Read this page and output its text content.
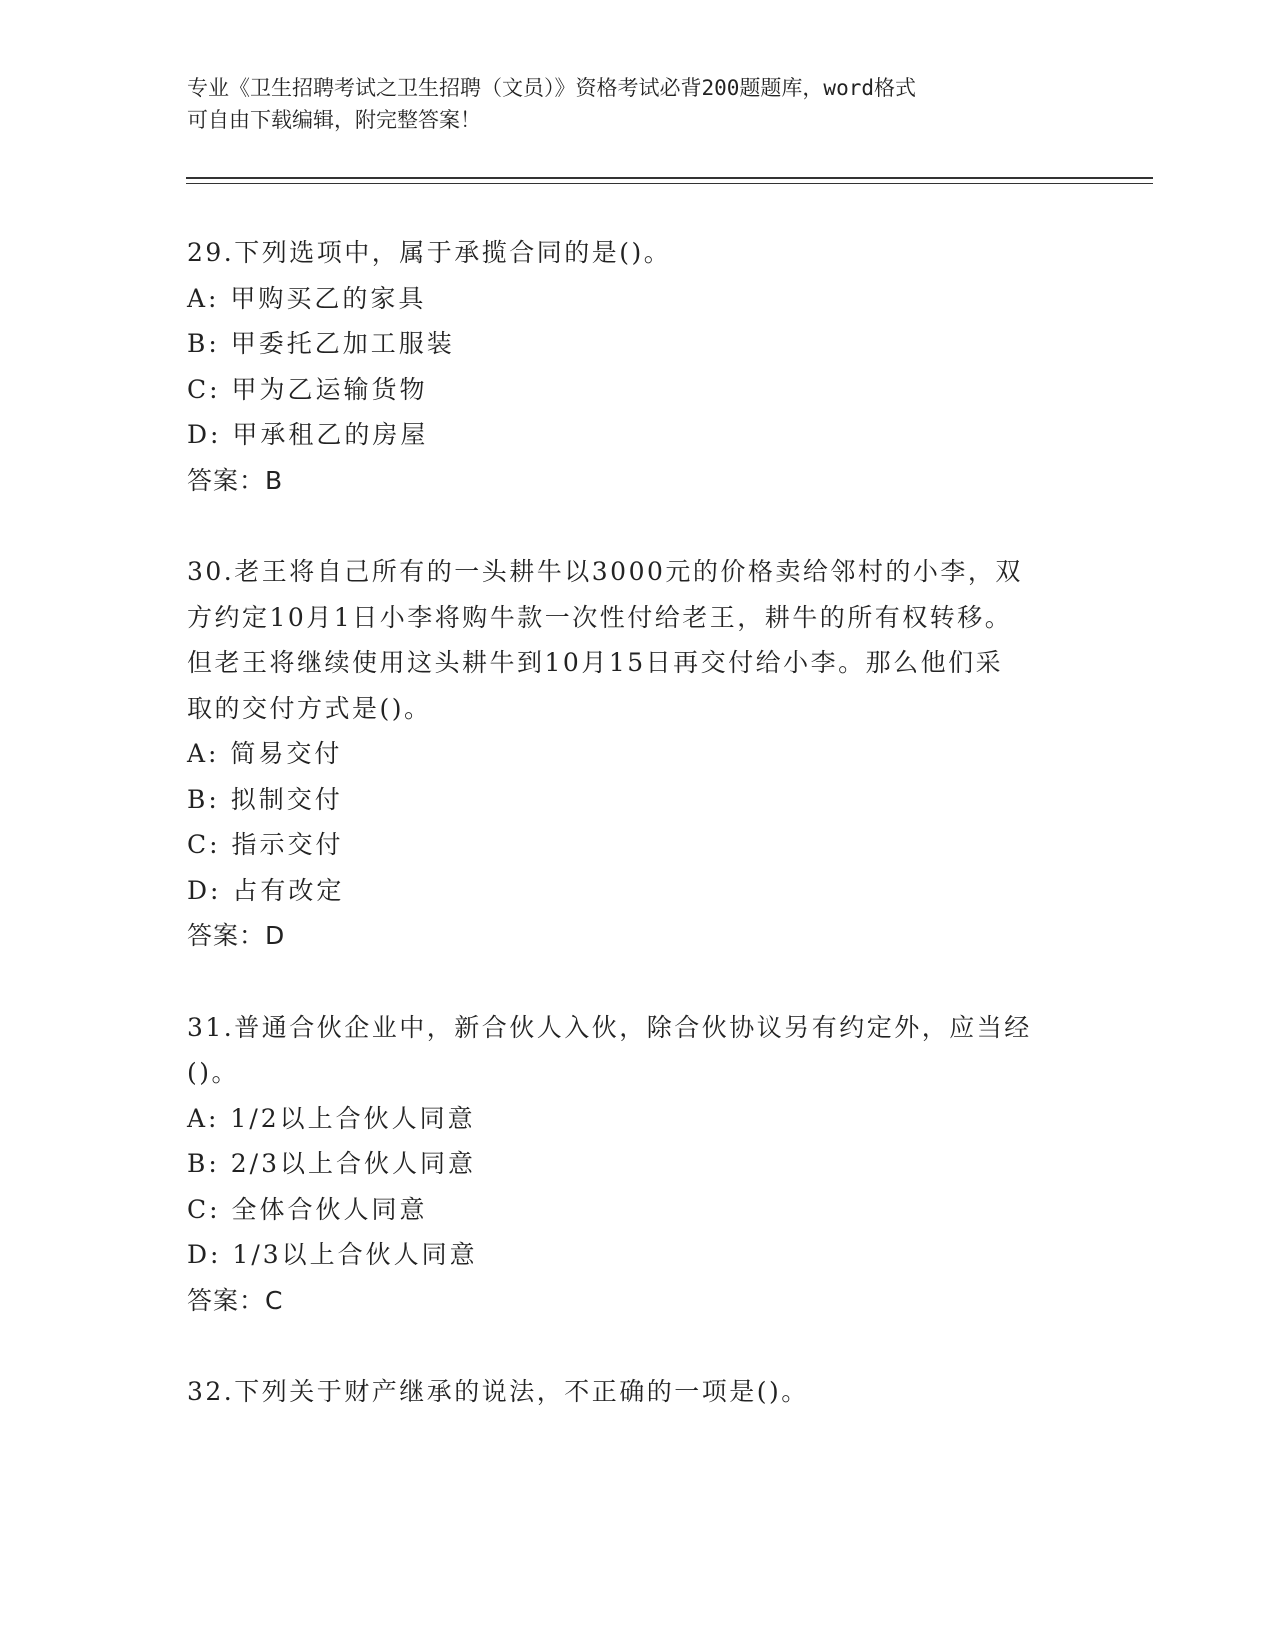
专业《卫生招聘考试之卫生招聘（文员）》资格考试必背200题题库，word格式
可自由下载编辑，附完整答案！
29.下列选项中，属于承揽合同的是()。
A: 甲购买乙的家具
B: 甲委托乙加工服装
C: 甲为乙运输货物
D: 甲承租乙的房屋
答案：B
30.老王将自己所有的一头耕牛以3000元的价格卖给邻村的小李，双
方约定10月1日小李将购牛款一次性付给老王，耕牛的所有权转移。
但老王将继续使用这头耕牛到10月15日再交付给小李。那么他们采
取的交付方式是()。
A: 简易交付
B: 拟制交付
C: 指示交付
D: 占有改定
答案：D
31.普通合伙企业中，新合伙人入伙，除合伙协议另有约定外，应当经
()。
A: 1/2以上合伙人同意
B: 2/3以上合伙人同意
C: 全体合伙人同意
D: 1/3以上合伙人同意
答案：C
32.下列关于财产继承的说法，不正确的一项是()。
